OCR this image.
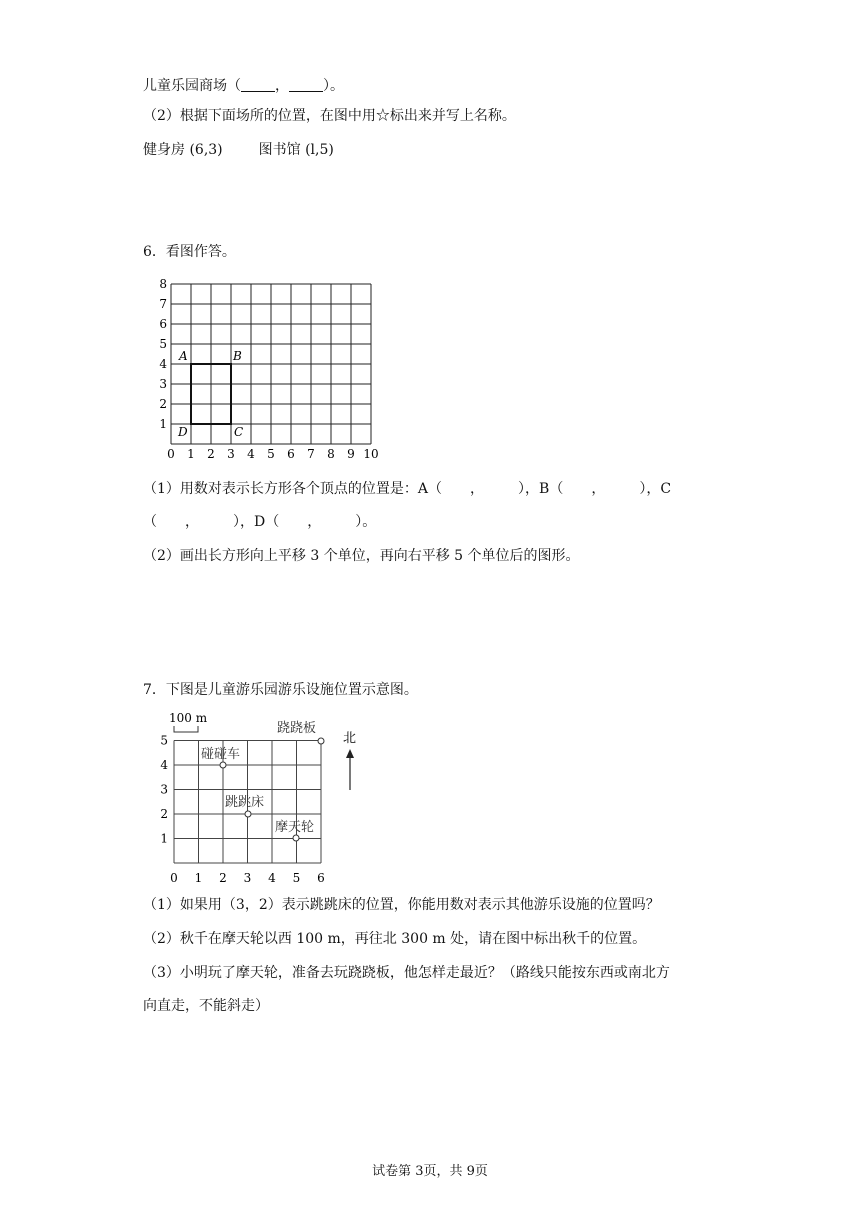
儿童乐园商场（ ， ）。
（2）根据下面场所的位置，在图中用☆标出来并写上名称。
健身房 (6,3)	图书馆 (l,5)
6．看图作答。
0 1 2 3 4 5 6 7 8 9 10
1
2
3
4
5
6
7
8
A	B
C
D
（1）用数对表示长方形各个顶点的位置是：A（ ， ），B（ ， ），C
（ ， ），D（ ， ）。
（2）画出长方形向上平移 3 个单位，再向右平移 5 个单位后的图形。
7．下图是儿童游乐园游乐设施位置示意图。
100 m
北
0 1 2 3 4 5 6
1
2
3
4
5
碰碰车
跳跳床
摩天轮
跷跷板
（1）如果用（3，2）表示跳跳床的位置，你能用数对表示其他游乐设施的位置吗？
（2）秋千在摩天轮以西 100 m，再往北 300 m 处，请在图中标出秋千的位置。
（3）小明玩了摩天轮，准备去玩跷跷板，他怎样走最近？（路线只能按东西或南北方
向直走，不能斜走）
试卷第 3页，共 9页
